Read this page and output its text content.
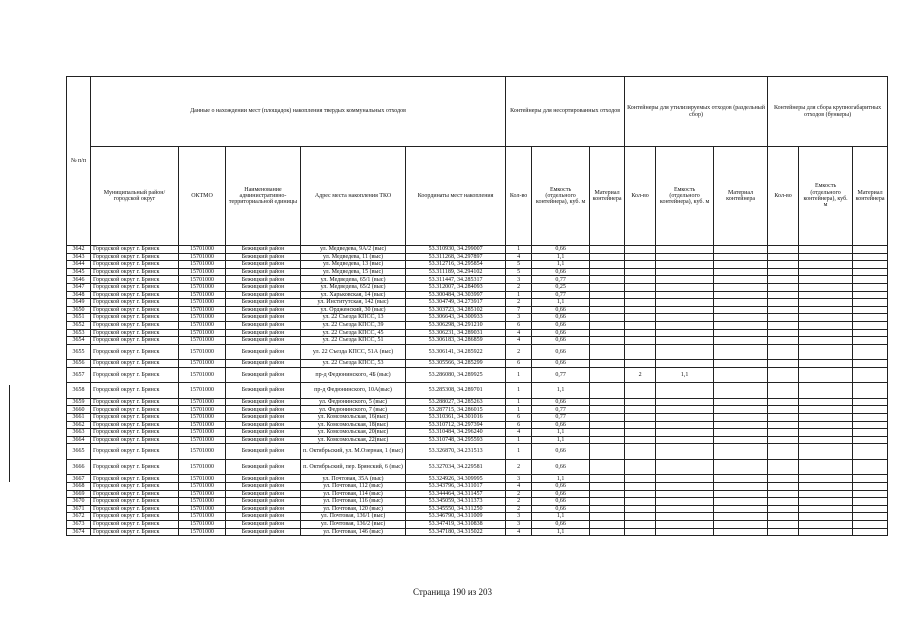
№ п/п	Данные о нахождении мест (площадок) накопления твердых коммунальных отходов					Контейнеры для несортированных отходов			Контейнеры для утилизируемых отходов (раздельный сбор)			Контейнеры для сбора крупногабаритных отходов (бункеры)		
	Муниципальный район/городской округ	ОКТМО	Наименование административно-территориальной единицы	Адрес места накопления ТКО	Координаты мест накопления	Кол-во	Емкость (отдельного контейнера), куб. м	Материал контейнера	Кол-во	Емкость (отдельного контейнера), куб. м	Материал контейнера	Кол-во	Емкость (отдельного контейнера), куб. м	Материал контейнера
3642	Городской округ г. Брянск	15701000	Бежицкий район	ул. Медведева, 9А/2 (выс)	53.310930, 34.299007	1	0,66							
3643	Городской округ г. Брянск	15701000	Бежицкий район	ул. Медведева, 11 (выс)	53.311268, 34.297897	4	1,1							
3644	Городской округ г. Брянск	15701000	Бежицкий район	ул. Медведева, 13 (выс)	53.312716, 34.295854	5	1,1							
3645	Городской округ г. Брянск	15701000	Бежицкий район	ул. Медведева, 15 (выс)	53.311189, 34.294102	5	0,66							
3646	Городской округ г. Брянск	15701000	Бежицкий район	ул. Медведева, 65/1 (выс)	53.311447, 34.285317	3	0,77							
3647	Городской округ г. Брянск	15701000	Бежицкий район	ул. Медведева, 65/2 (выс)	53.312007, 34.284093	2	0,25							
3648	Городской округ г. Брянск	15701000	Бежицкий район	ул. Харьковская, 14 (выс)	53.300484, 34.303997	1	0,77							
3649	Городской округ г. Брянск	15701000	Бежицкий район	ул. Институтская, 142 (выс)	53.304749, 34.273917	2	1,1							
3650	Городской округ г. Брянск	15701000	Бежицкий район	ул. Ордженский, 30 (выс)	53.303723, 34.285102	7	0,66							
3651	Городской округ г. Брянск	15701000	Бежицкий район	ул. 22 Съезда КПСС, 13	53.306643, 34.300933	3	0,66							
3652	Городской округ г. Брянск	15701000	Бежицкий район	ул. 22 Съезда КПСС, 39	53.306298, 34.291210	6	0,66							
3653	Городской округ г. Брянск	15701000	Бежицкий район	ул. 22 Съезда КПСС, 45	53.306231, 34.289031	4	0,66							
3654	Городской округ г. Брянск	15701000	Бежицкий район	ул. 22 Съезда КПСС, 51	53.306183, 34.286859	4	0,66							
3655	Городской округ г. Брянск	15701000	Бежицкий район	ул. 22 Съезда КПСС, 51А (выс)	53.306141, 34.285922	2	0,66							
3656	Городской округ г. Брянск	15701000	Бежицкий район	ул. 22 Съезда КПСС, 53	53.305566, 34.285299	6	0,66							
3657	Городской округ г. Брянск	15701000	Бежицкий район	пр-д Федюнинского, 4Б (выс)	53.286080, 34.289925	1	0,77		2	1,1				
3658	Городской округ г. Брянск	15701000	Бежицкий район	пр-д Федюнинского, 10А(выс)	53.285308, 34.289701	1	1,1							
3659	Городской округ г. Брянск	15701000	Бежицкий район	ул. Федюнинского, 5 (выс)	53.288027, 34.285263	1	0,66							
3660	Городской округ г. Брянск	15701000	Бежицкий район	ул. Федюнинского, 7 (выс)	53.287715, 34.286015	1	0,77							
3661	Городской округ г. Брянск	15701000	Бежицкий район	ул. Комсомольская, 16(выс)	53.310361, 34.301016	6	0,77							
3662	Городской округ г. Брянск	15701000	Бежицкий район	ул. Комсомольская, 18(выс)	53.310712, 34.297394	6	0,66							
3663	Городской округ г. Брянск	15701000	Бежицкий район	ул. Комсомольская, 20(выс)	53.310484, 34.296240	4	1,1							
3664	Городской округ г. Брянск	15701000	Бежицкий район	ул. Комсомольская, 22(выс)	53.310748, 34.295593	1	1,1							
3665	Городской округ г. Брянск	15701000	Бежицкий район	п. Октябрьский, ул. М.Озерная, 1 (выс)	53.326870, 34.231513	1	0,66							
3666	Городской округ г. Брянск	15701000	Бежицкий район	п. Октябрьский, пер. Брянский, 6 (выс)	53.327034, 34.229581	2	0,66							
3667	Городской округ г. Брянск	15701000	Бежицкий район	ул. Почтовая, 35А (выс)	53.324926, 34.309995	3	1,1							
3668	Городской округ г. Брянск	15701000	Бежицкий район	ул. Почтовая, 112 (выс)	53.343796, 34.311017	4	0,66							
3669	Городской округ г. Брянск	15701000	Бежицкий район	ул. Почтовая, 114 (выс)	53.344464, 34.311457	2	0,66							
3670	Городской округ г. Брянск	15701000	Бежицкий район	ул. Почтовая, 116 (выс)	53.345059, 34.311373	2	0,66							
3671	Городской округ г. Брянск	15701000	Бежицкий район	ул. Почтовая, 120 (выс)	53.345550, 34.311250	2	0,66							
3672	Городской округ г. Брянск	15701000	Бежицкий район	ул. Почтовая, 136/1 (выс)	53.346790, 34.311009	3	1,1							
3673	Городской округ г. Брянск	15701000	Бежицкий район	ул. Почтовая, 136/2 (выс)	53.347419, 34.310838	3	0,66							
3674	Городской округ г. Брянск	15701000	Бежицкий район	ул. Почтовая, 146 (выс)	53.347180, 34.315022	4	1,1							
Страница 190 из 203
